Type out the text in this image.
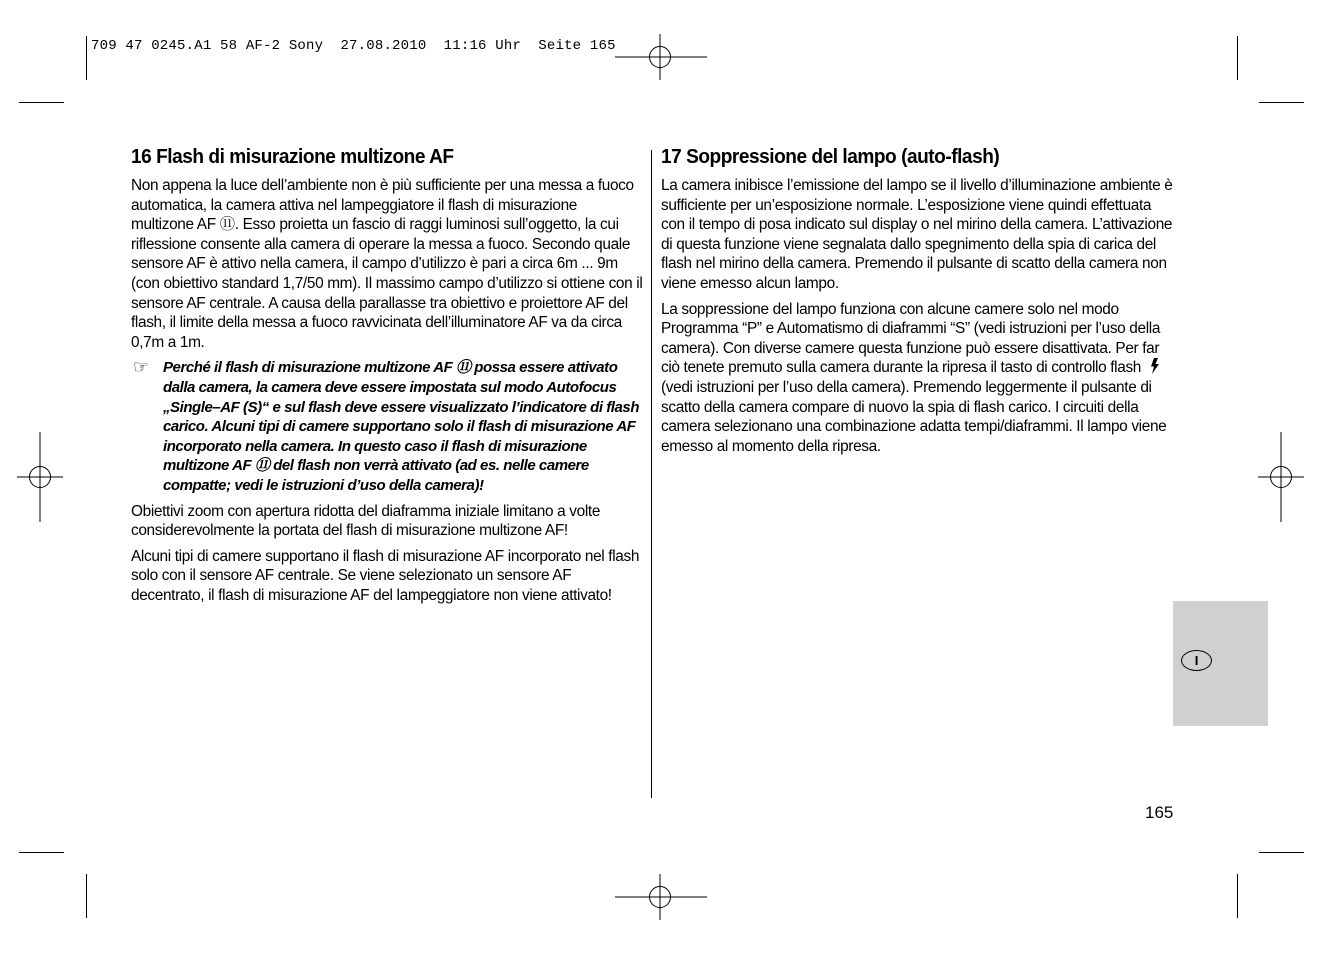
709 47 0245.A1 58 AF-2 Sony  27.08.2010  11:16 Uhr  Seite 165
16 Flash di misurazione multizone AF

Non appena la luce dell’ambiente non è più sufficiente per una messa a fuoco automatica, la camera attiva nel lampeggiatore il flash di misurazione multizone AF ⑪. Esso proietta un fascio di raggi luminosi sull’oggetto, la cui riflessione consente alla camera di operare la messa a fuoco. Secondo quale sensore AF è attivo nella camera, il campo d’utilizzo è pari a circa 6m ... 9m (con obiettivo standard 1,7/50 mm). Il massimo campo d’utilizzo si ottiene con il sensore AF centrale. A causa della parallasse tra obiettivo e proiettore AF del flash, il limite della messa a fuoco ravvicinata dell’illuminatore AF va da circa 0,7m a 1m.

☞ Perché il flash di misurazione multizone AF ⑪ possa essere attivato dalla camera, la camera deve essere impostata sul modo Autofocus „Single–AF (S)“ e sul flash deve essere visualizzato l’indicatore di flash carico. Alcuni tipi di camere supportano solo il flash di misurazione AF incorporato nella camera. In questo caso il flash di misurazione multizone AF ⑪ del flash non verrà attivato (ad es. nelle camere compatte; vedi le istruzioni d’uso della camera)!

Obiettivi zoom con apertura ridotta del diaframma iniziale limitano a volte considerevolmente la portata del flash di misurazione multizone AF!

Alcuni tipi di camere supportano il flash di misurazione AF incorporato nel flash solo con il sensore AF centrale. Se viene selezionato un sensore AF decentrato, il flash di misurazione AF del lampeggiatore non viene attivato!

17 Soppressione del lampo (auto-flash)

La camera inibisce l’emissione del lampo se il livello d’illuminazione ambiente è sufficiente per un’esposizione normale. L’esposizione viene quindi effettuata con il tempo di posa indicato sul display o nel mirino della camera. L’attivazione di questa funzione viene segnalata dallo spegnimento della spia di carica del flash nel mirino della camera. Premendo il pulsante di scatto della camera non viene emesso alcun lampo.

La soppressione del lampo funziona con alcune camere solo nel modo Programma “P” e Automatismo di diaframmi “S” (vedi istruzioni per l’uso della camera). Con diverse camere questa funzione può essere disattivata. Per far ciò tenete premuto sulla camera durante la ripresa il tasto di controllo flash
(vedi istruzioni per l’uso della camera). Premendo leggermente il pulsante di scatto della camera compare di nuovo la spia di flash carico. I circuiti della camera selezionano una combinazione adatta tempi/diaframmi. Il lampo viene emesso al momento della ripresa.

I
165
